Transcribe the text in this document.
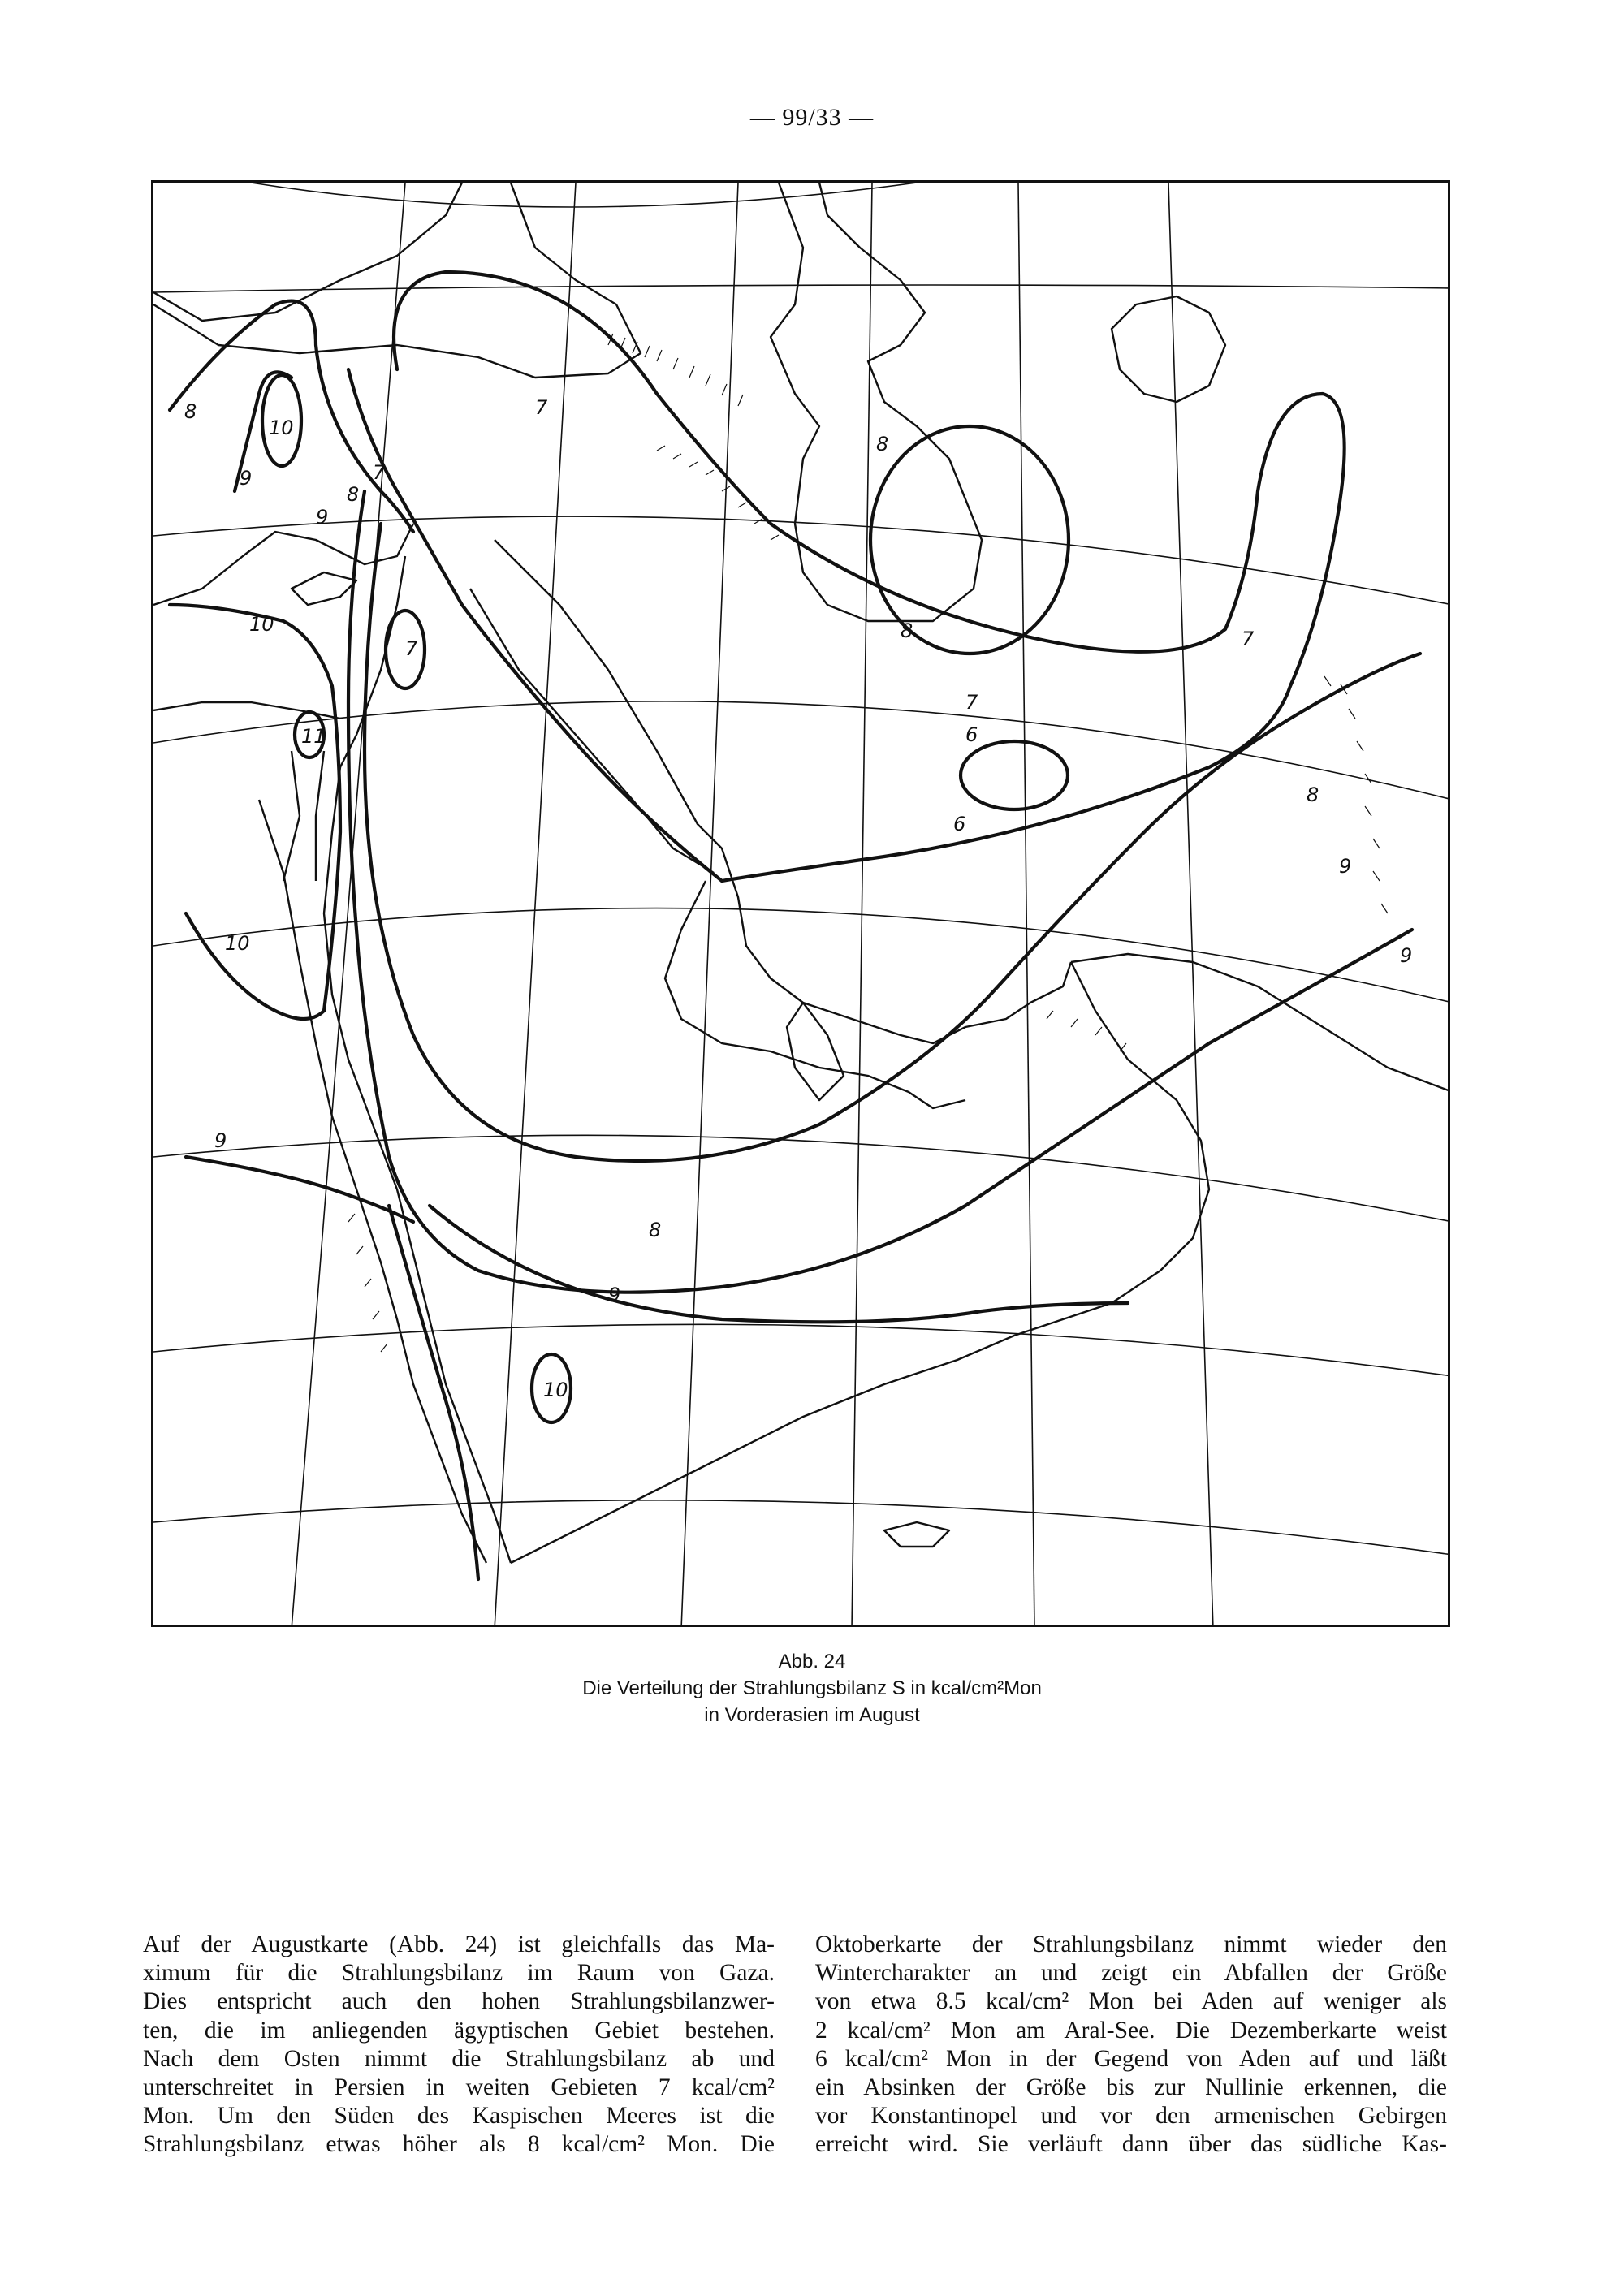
— 99/33 —
8
10
9
8
9
7
7
10
11
10
8
8
7
7
6
6
7
8
9
9
8
9
10
9
Abb. 24
Die Verteilung der Strahlungsbilanz S in kcal/cm²Mon
in Vorderasien im August
Auf der Augustkarte (Abb. 24) ist gleichfalls das Ma-
ximum für die Strahlungsbilanz im Raum von Gaza.
Dies entspricht auch den hohen Strahlungsbilanzwer-
ten, die im anliegenden ägyptischen Gebiet bestehen.
Nach dem Osten nimmt die Strahlungsbilanz ab und
unterschreitet in Persien in weiten Gebieten 7 kcal/cm²
Mon. Um den Süden des Kaspischen Meeres ist die
Strahlungsbilanz etwas höher als 8 kcal/cm² Mon. Die
Oktoberkarte der Strahlungsbilanz nimmt wieder den
Wintercharakter an und zeigt ein Abfallen der Größe
von etwa 8.5 kcal/cm² Mon bei Aden auf weniger als
2 kcal/cm² Mon am Aral-See. Die Dezemberkarte weist
6 kcal/cm² Mon in der Gegend von Aden auf und läßt
ein Absinken der Größe bis zur Nullinie erkennen, die
vor Konstantinopel und vor den armenischen Gebirgen
erreicht wird. Sie verläuft dann über das südliche Kas-
